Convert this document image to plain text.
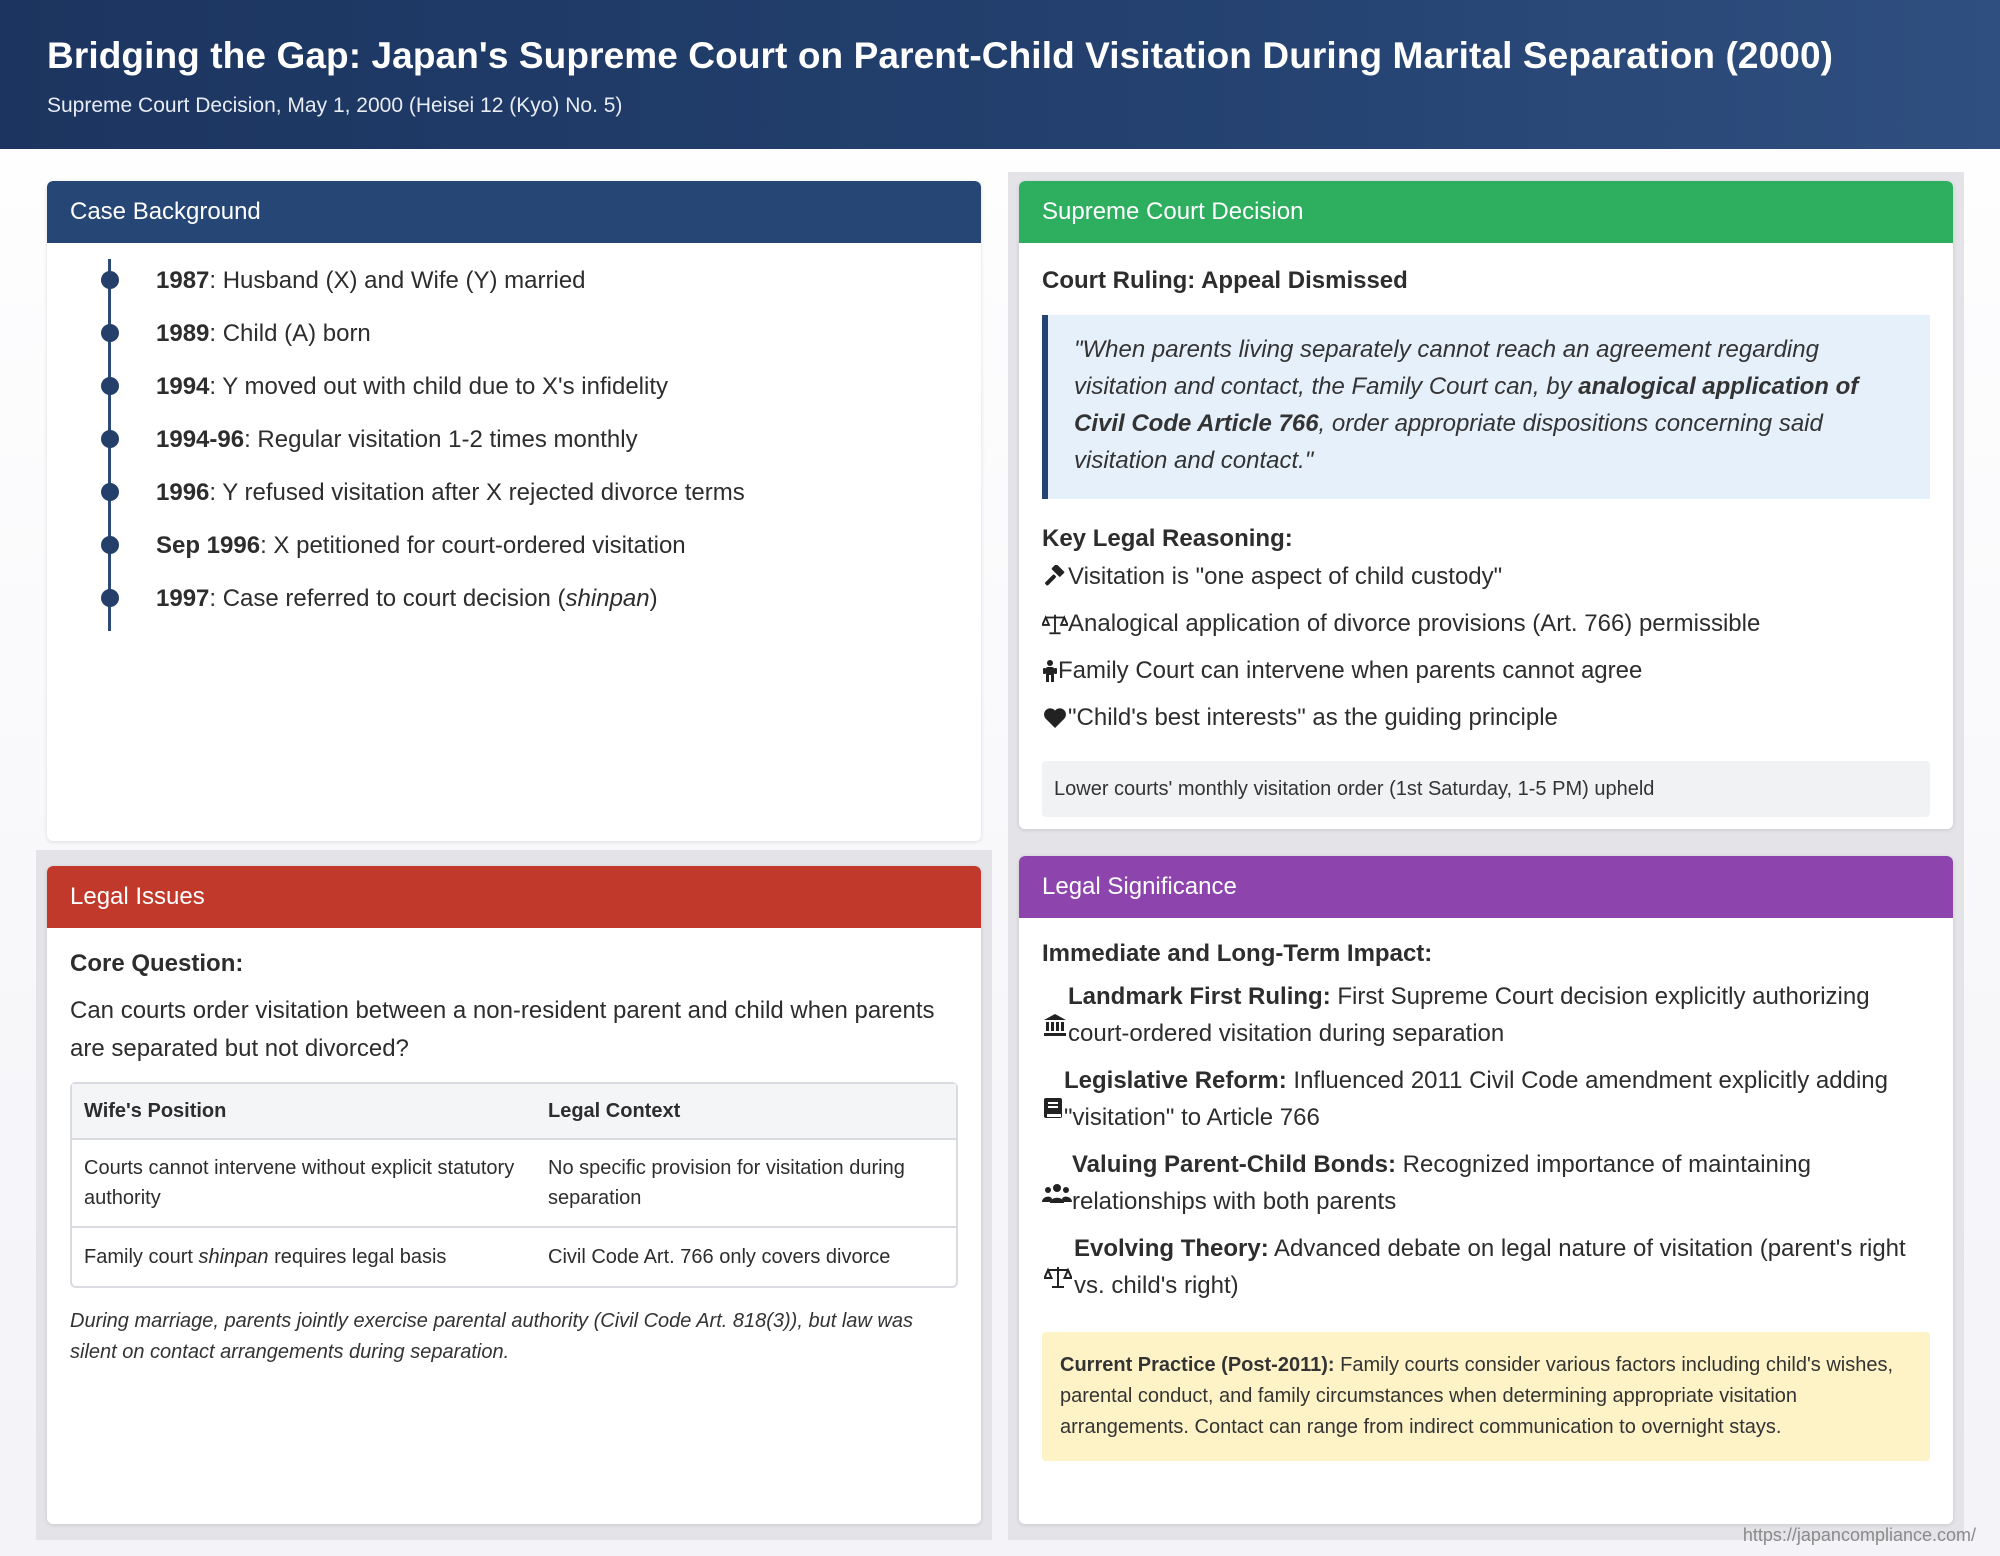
Bridging the Gap: Japan's Supreme Court on Parent-Child Visitation During Marital Separation (2000)
Supreme Court Decision, May 1, 2000 (Heisei 12 (Kyo) No. 5)
Case Background
1987: Husband (X) and Wife (Y) married
1989: Child (A) born
1994: Y moved out with child due to X's infidelity
1994-96: Regular visitation 1-2 times monthly
1996: Y refused visitation after X rejected divorce terms
Sep 1996: X petitioned for court-ordered visitation
1997: Case referred to court decision (shinpan)
Supreme Court Decision
Court Ruling: Appeal Dismissed
"When parents living separately cannot reach an agreement regarding visitation and contact, the Family Court can, by analogical application of Civil Code Article 766, order appropriate dispositions concerning said visitation and contact."
Key Legal Reasoning:
Visitation is "one aspect of child custody"
Analogical application of divorce provisions (Art. 766) permissible
Family Court can intervene when parents cannot agree
"Child's best interests" as the guiding principle
Lower courts' monthly visitation order (1st Saturday, 1-5 PM) upheld
Legal Issues
Core Question:
Can courts order visitation between a non-resident parent and child when parents are separated but not divorced?
Wife's Position	Legal Context
Courts cannot intervene without explicit statutory authority	No specific provision for visitation during separation
Family court shinpan requires legal basis	Civil Code Art. 766 only covers divorce
During marriage, parents jointly exercise parental authority (Civil Code Art. 818(3)), but law was silent on contact arrangements during separation.
Legal Significance
Immediate and Long-Term Impact:
Landmark First Ruling: First Supreme Court decision explicitly authorizing court-ordered visitation during separation
Legislative Reform: Influenced 2011 Civil Code amendment explicitly adding "visitation" to Article 766
Valuing Parent-Child Bonds: Recognized importance of maintaining relationships with both parents
Evolving Theory: Advanced debate on legal nature of visitation (parent's right vs. child's right)
Current Practice (Post-2011): Family courts consider various factors including child's wishes, parental conduct, and family circumstances when determining appropriate visitation arrangements. Contact can range from indirect communication to overnight stays.
https://japancompliance.com/
